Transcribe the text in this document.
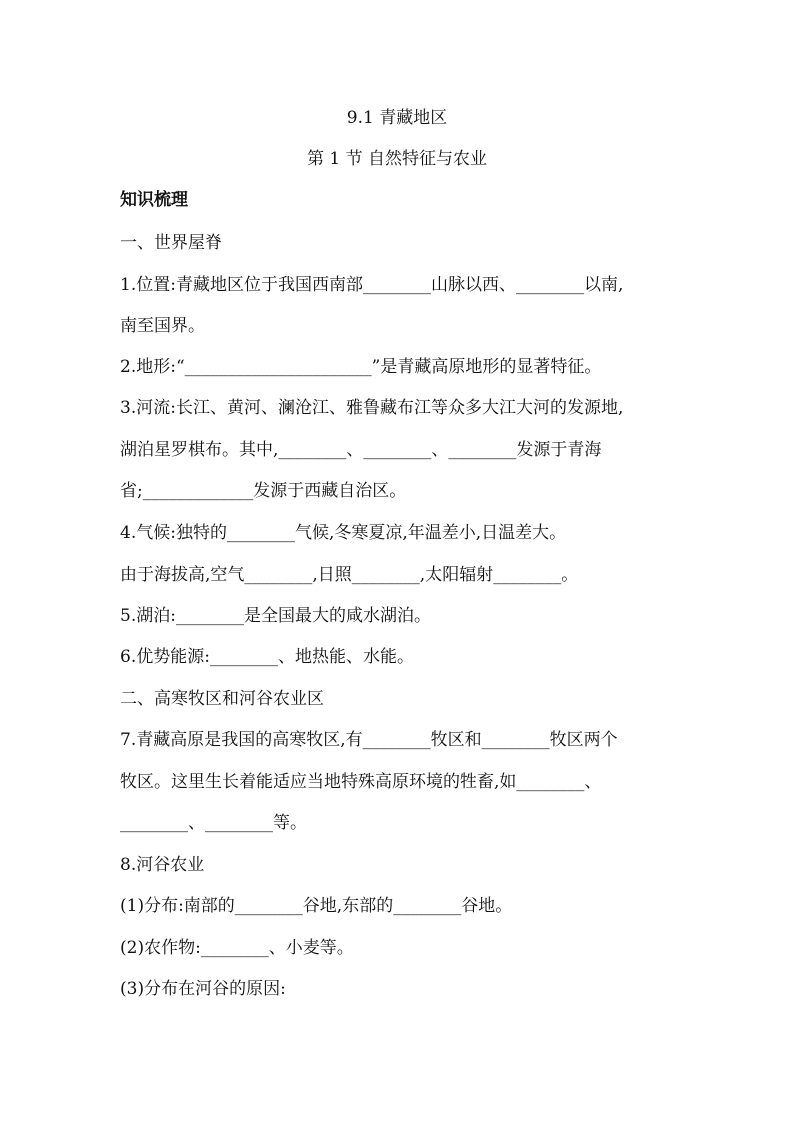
9.1 青藏地区
第 1 节 自然特征与农业
知识梳理
一、世界屋脊
1.位置:青藏地区位于我国西南部________山脉以西、________以南,
南至国界。
2.地形:“______________________”是青藏高原地形的显著特征。
3.河流:长江、黄河、澜沧江、雅鲁藏布江等众多大江大河的发源地,
湖泊星罗棋布。其中,________、________、________发源于青海
省;_____________发源于西藏自治区。
4.气候:独特的________气候,冬寒夏凉,年温差小,日温差大。
由于海拔高,空气________,日照________,太阳辐射________。
5.湖泊:________是全国最大的咸水湖泊。
6.优势能源:________、地热能、水能。
二、高寒牧区和河谷农业区
7.青藏高原是我国的高寒牧区,有________牧区和________牧区两个
牧区。这里生长着能适应当地特殊高原环境的牲畜,如________、
________、________等。
8.河谷农业
(1)分布:南部的________谷地,东部的________谷地。
(2)农作物:________、小麦等。
(3)分布在河谷的原因:
